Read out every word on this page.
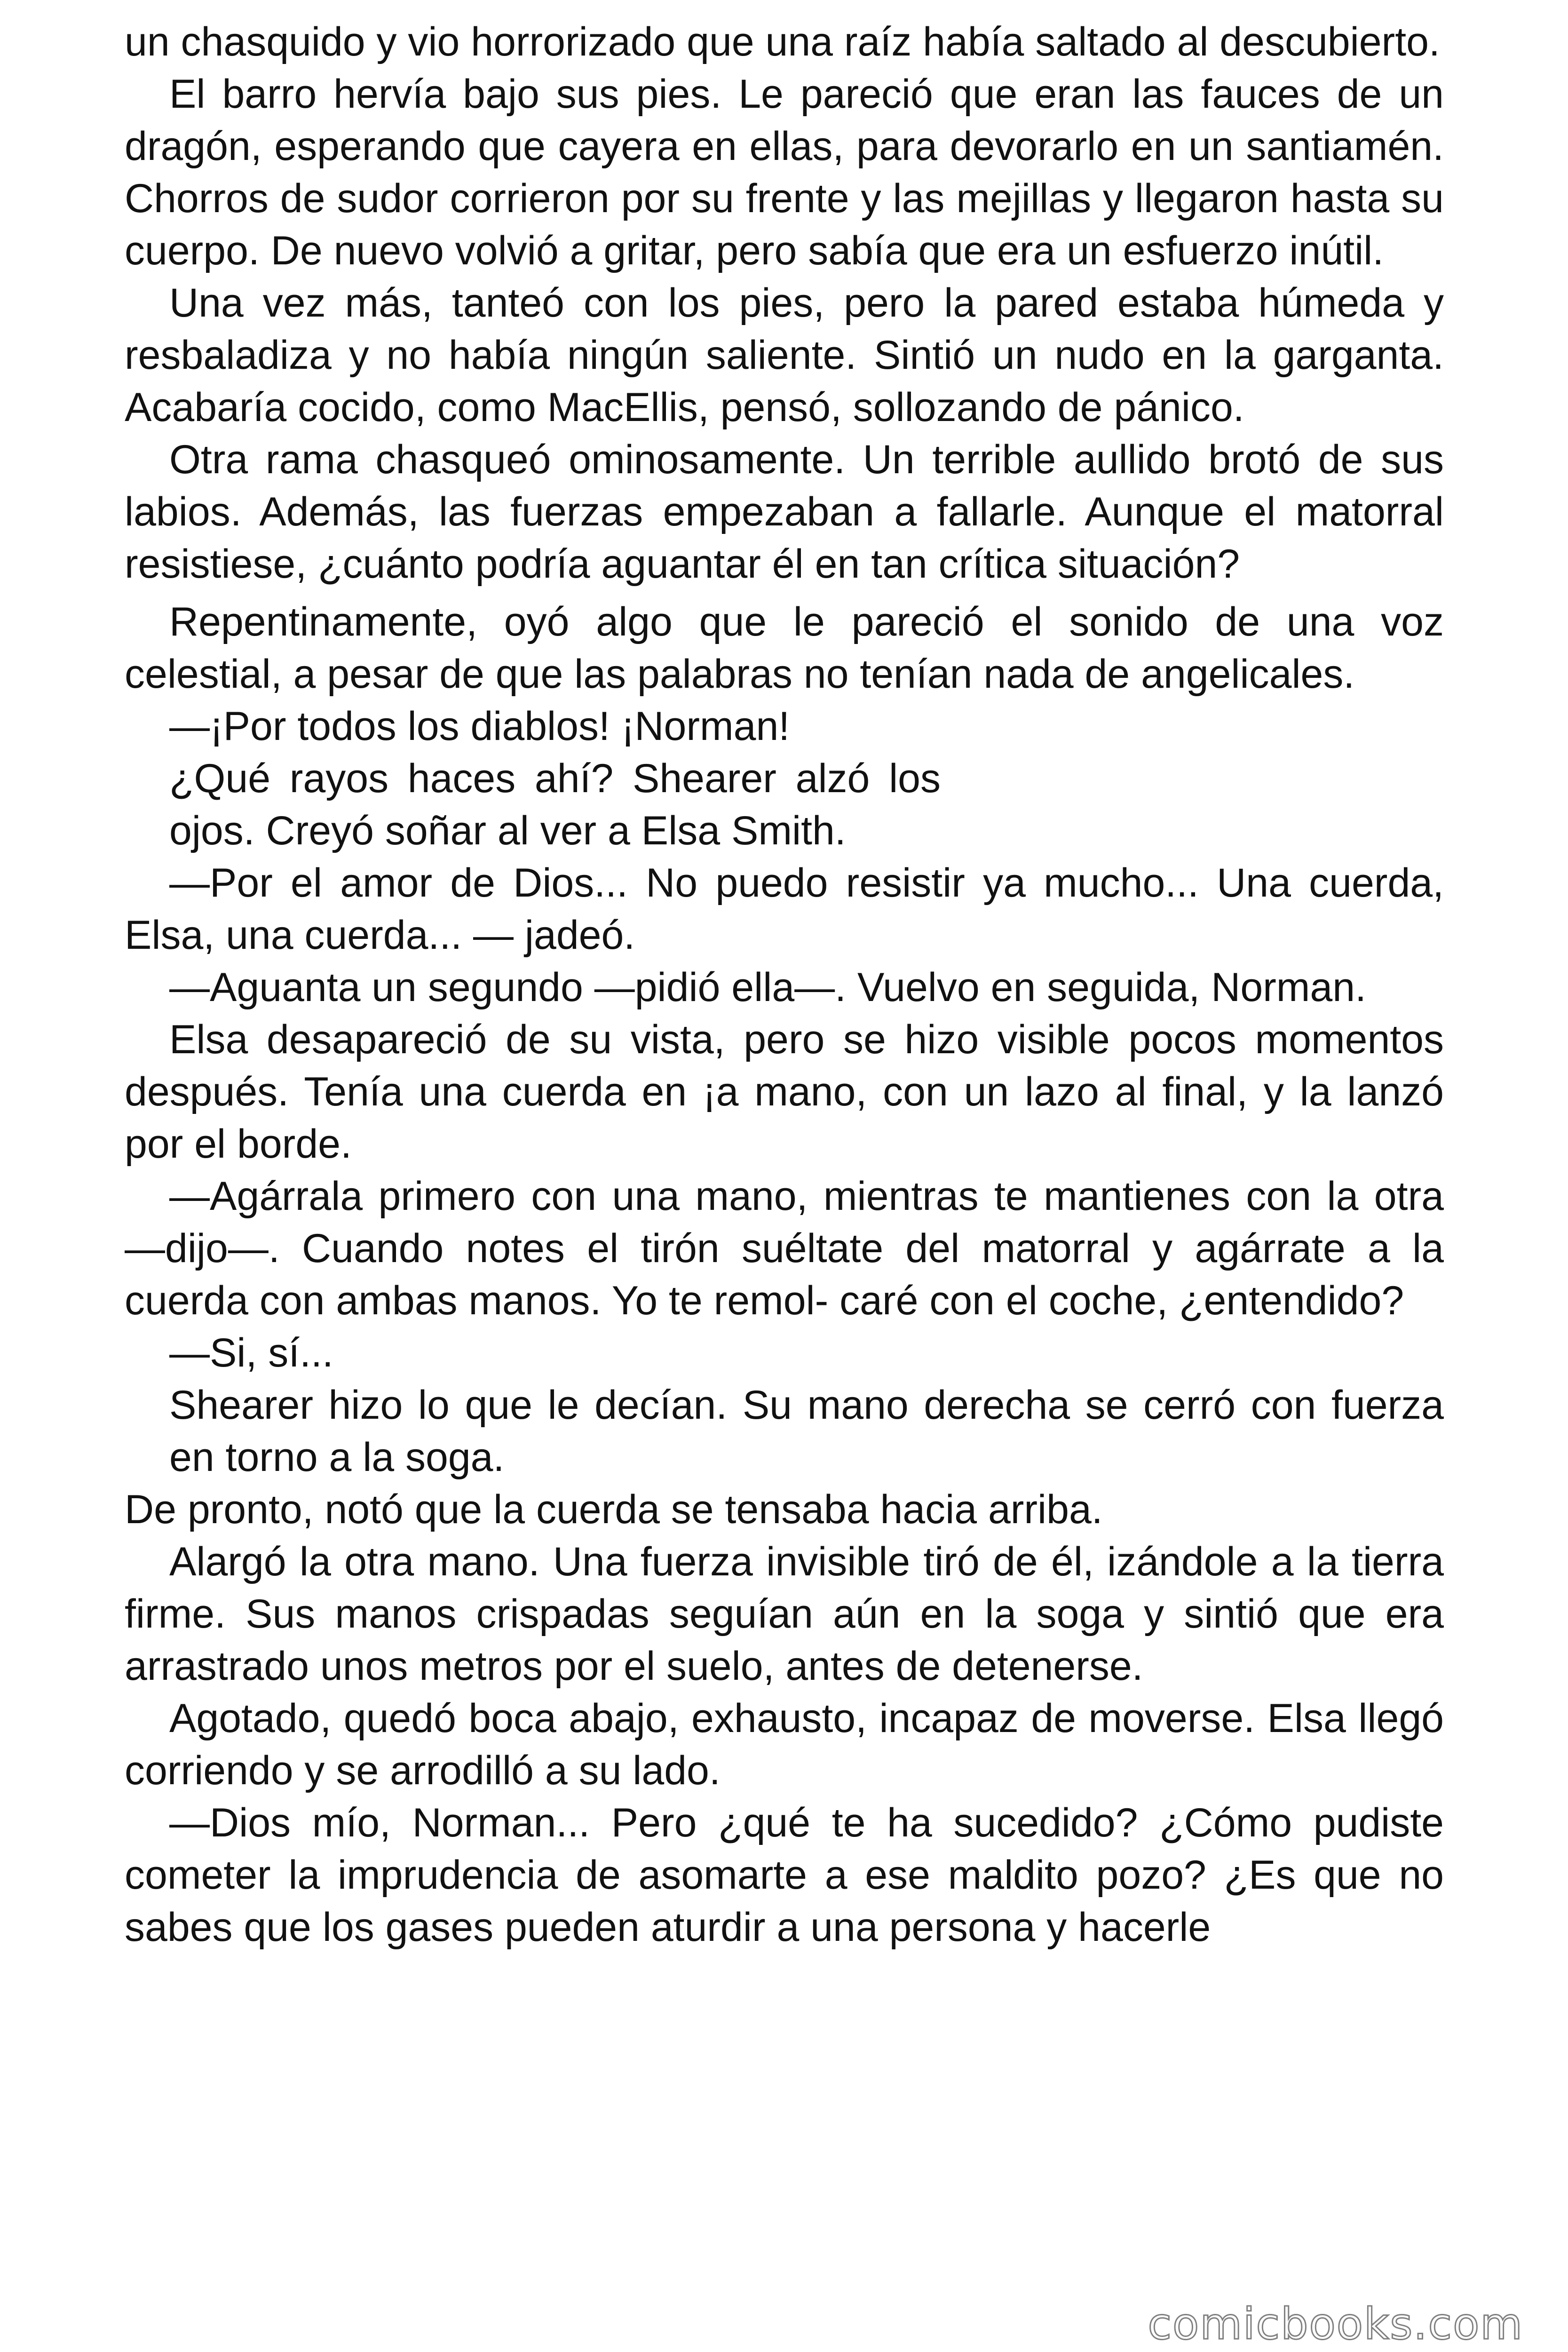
un chasquido y vio horrorizado que una raíz había saltado al descubierto.

El barro hervía bajo sus pies. Le pareció que eran las fauces de un dragón, esperando que cayera en ellas, para devorarlo en un santiamén. Chorros de sudor corrieron por su frente y las mejillas y llegaron hasta su cuerpo. De nuevo volvió a gritar, pero sabía que era un esfuerzo inútil.

Una vez más, tanteó con los pies, pero la pared estaba húmeda y resbaladiza y no había ningún saliente. Sintió un nudo en la garganta. Acabaría cocido, como MacEllis, pensó, sollozando de pánico.

Otra rama chasqueó ominosamente. Un terrible aullido brotó de sus labios. Además, las fuerzas empezaban a fallarle. Aunque el matorral resistiese, ¿cuánto podría aguantar él en tan crítica situación?

Repentinamente, oyó algo que le pareció el sonido de una voz celestial, a pesar de que las palabras no tenían nada de angelicales.

—¡Por todos los diablos! ¡Norman!

¿Qué rayos haces ahí? Shearer alzó los ojos. Creyó soñar al ver a Elsa Smith.

—Por el amor de Dios... No puedo resistir ya mucho... Una cuerda, Elsa, una cuerda... — jadeó.

—Aguanta un segundo —pidió ella—. Vuelvo en seguida, Norman.

Elsa desapareció de su vista, pero se hizo visible pocos momentos después. Tenía una cuerda en ¡a mano, con un lazo al final, y la lanzó por el borde.

—Agárrala primero con una mano, mientras te mantienes con la otra —dijo—. Cuando notes el tirón suéltate del matorral y agárrate a la cuerda con ambas manos. Yo te remol- caré con el coche, ¿entendido?

—Si, sí...

Shearer hizo lo que le decían. Su mano derecha se cerró con fuerza en torno a la soga.

De pronto, notó que la cuerda se tensaba hacia arriba.

Alargó la otra mano. Una fuerza invisible tiró de él, izándole a la tierra firme. Sus manos crispadas seguían aún en la soga y sintió que era arrastrado unos metros por el suelo, antes de detenerse.

Agotado, quedó boca abajo, exhausto, incapaz de moverse. Elsa llegó corriendo y se arrodilló a su lado.

—Dios mío, Norman... Pero ¿qué te ha sucedido? ¿Cómo pudiste cometer la imprudencia de asomarte a ese maldito pozo? ¿Es que no sabes que los gases pueden aturdir a una persona y hacerle

comicbooks.com
